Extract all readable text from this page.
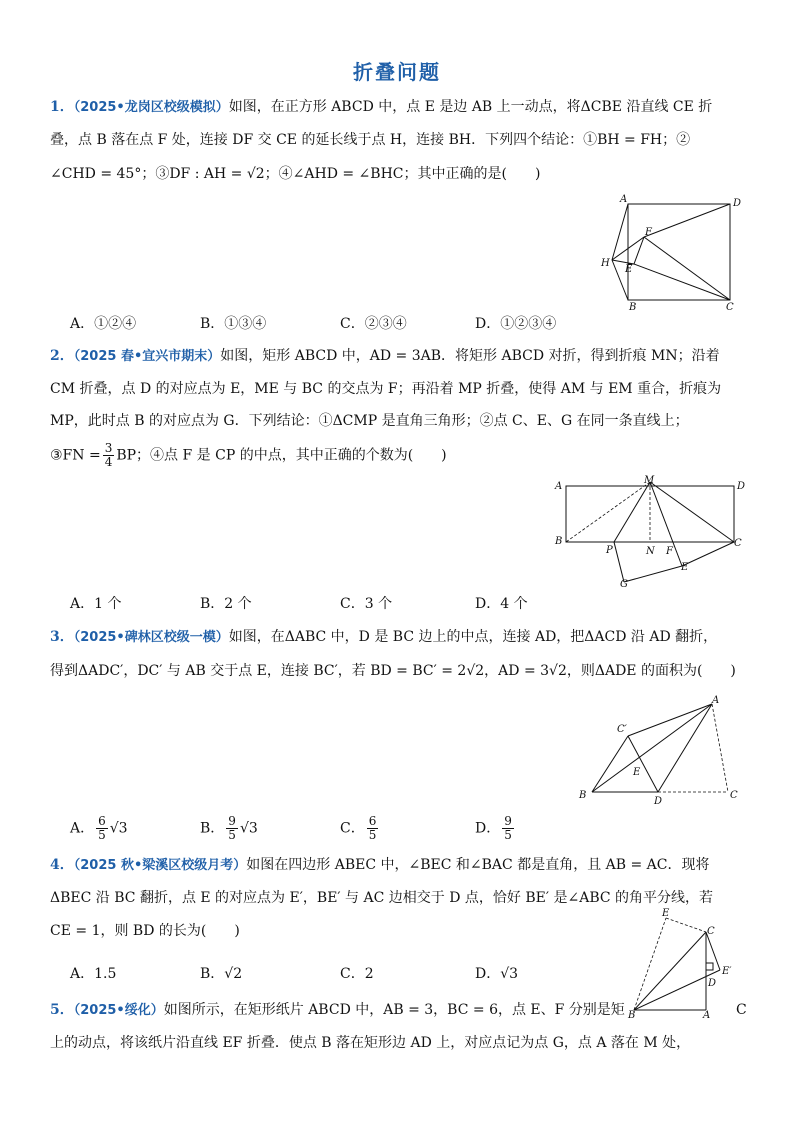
折叠问题
1．（2025•龙岗区校级模拟）如图，在正方形 ABCD 中，点 E 是边 AB 上一动点，将ΔCBE 沿直线 CE 折
叠，点 B 落在点 F 处，连接 DF 交 CE 的延长线于点 H，连接 BH．下列四个结论：①BH = FH；②
∠CHD = 45°；③DF : AH = √2；④∠AHD = ∠BHC；其中正确的是(　　)
A	D
F
H
E
B	C
A．①②④	B．①③④	C．②③④	D．①②③④
2．（2025 春•宜兴市期末）如图，矩形 ABCD 中，AD = 3AB．将矩形 ABCD 对折，得到折痕 MN；沿着
CM 折叠，点 D 的对应点为 E，ME 与 BC 的交点为 F；再沿着 MP 折叠，使得 AM 与 EM 重合，折痕为
MP，此时点 B 的对应点为 G．下列结论：①ΔCMP 是直角三角形；②点 C、E、G 在同一条直线上；
③FN = $\frac{3}{4}$ BP；④点 F 是 CP 的中点，其中正确的个数为(　　)
A
M
D
B
P	N F
C
E
G
A．1 个	B．2 个	C．3 个	D．4 个
3．（2025•碑林区校级一模）如图，在ΔABC 中，D 是 BC 边上的中点，连接 AD，把ΔACD 沿 AD 翻折，
得到ΔADC′，DC′ 与 AB 交于点 E，连接 BC′，若 BD = BC′ = 2√2，AD = 3√2，则ΔADE 的面积为(　　)
A
C′
E
B
D
C
A． $\frac{6}{5} √3$	B． $\frac{9}{5} √3$	C． $\frac{6}{5}$	D． $\frac{9}{5}$
4．（2025 秋•梁溪区校级月考）如图在四边形 ABEC 中，∠BEC 和∠BAC 都是直角，且 AB = AC．现将
ΔBEC 沿 BC 翻折，点 E 的对应点为 E′，BE′ 与 AC 边相交于 D 点，恰好 BE′ 是∠ABC 的角平分线，若
CE = 1，则 BD 的长为(　　)
E
C
E′
D
B	A
A．1.5	B．√2	C．2	D．√3
5．（2025•绥化）如图所示，在矩形纸片 ABCD 中，AB = 3，BC = 6，点 E、F 分别是矩	C
上的动点，将该纸片沿直线 EF 折叠．使点 B 落在矩形边 AD 上，对应点记为点 G，点 A 落在 M 处，
